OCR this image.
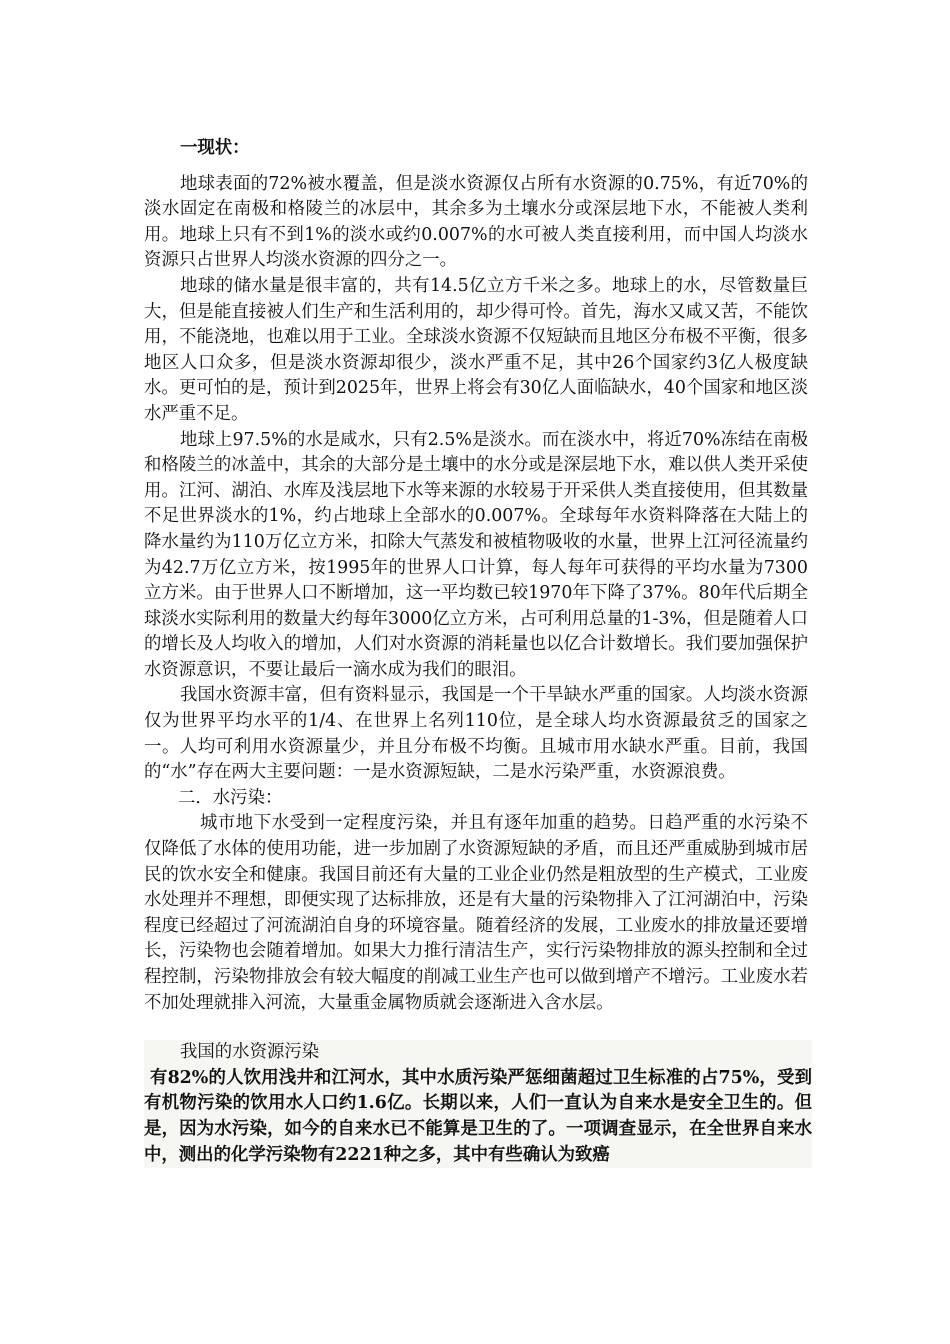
一现状：

地球表面的72%被水覆盖，但是淡水资源仅占所有水资源的0.75%，有近70%的淡水固定在南极和格陵兰的冰层中，其余多为土壤水分或深层地下水，不能被人类利用。地球上只有不到1%的淡水或约0.007%的水可被人类直接利用，而中国人均淡水资源只占世界人均淡水资源的四分之一。

地球的储水量是很丰富的，共有14.5亿立方千米之多。地球上的水，尽管数量巨大，但是能直接被人们生产和生活利用的，却少得可怜。首先，海水又咸又苦，不能饮用，不能浇地，也难以用于工业。全球淡水资源不仅短缺而且地区分布极不平衡，很多地区人口众多，但是淡水资源却很少，淡水严重不足，其中26个国家约3亿人极度缺水。更可怕的是，预计到2025年，世界上将会有30亿人面临缺水，40个国家和地区淡水严重不足。

地球上97.5%的水是咸水，只有2.5%是淡水。而在淡水中，将近70%冻结在南极和格陵兰的冰盖中，其余的大部分是土壤中的水分或是深层地下水，难以供人类开采使用。江河、湖泊、水库及浅层地下水等来源的水较易于开采供人类直接使用，但其数量不足世界淡水的1%，约占地球上全部水的0.007%。全球每年水资料降落在大陆上的降水量约为110万亿立方米，扣除大气蒸发和被植物吸收的水量，世界上江河径流量约为42.7万亿立方米，按1995年的世界人口计算，每人每年可获得的平均水量为7300立方米。由于世界人口不断增加，这一平均数已较1970年下降了37%。80年代后期全球淡水实际利用的数量大约每年3000亿立方米，占可利用总量的1-3%，但是随着人口的增长及人均收入的增加，人们对水资源的消耗量也以亿合计数增长。我们要加强保护水资源意识，不要让最后一滴水成为我们的眼泪。

我国水资源丰富，但有资料显示，我国是一个干旱缺水严重的国家。人均淡水资源仅为世界平均水平的1/4、在世界上名列110位，是全球人均水资源最贫乏的国家之一。人均可利用水资源量少，并且分布极不均衡。且城市用水缺水严重。目前，我国的“水”存在两大主要问题：一是水资源短缺，二是水污染严重，水资源浪费。

二．水污染：

城市地下水受到一定程度污染，并且有逐年加重的趋势。日趋严重的水污染不仅降低了水体的使用功能，进一步加剧了水资源短缺的矛盾，而且还严重威胁到城市居民的饮水安全和健康。我国目前还有大量的工业企业仍然是粗放型的生产模式，工业废水处理并不理想，即便实现了达标排放，还是有大量的污染物排入了江河湖泊中，污染程度已经超过了河流湖泊自身的环境容量。随着经济的发展，工业废水的排放量还要增长，污染物也会随着增加。如果大力推行清洁生产，实行污染物排放的源头控制和全过程控制，污染物排放会有较大幅度的削减工业生产也可以做到增产不增污。工业废水若不加处理就排入河流，大量重金属物质就会逐渐进入含水层。

我国的水资源污染

有82%的人饮用浅井和江河水，其中水质污染严惩细菌超过卫生标准的占75%，受到有机物污染的饮用水人口约1.6亿。长期以来，人们一直认为自来水是安全卫生的。但是，因为水污染，如今的自来水已不能算是卫生的了。一项调查显示，在全世界自来水中，测出的化学污染物有2221种之多，其中有些确认为致癌
